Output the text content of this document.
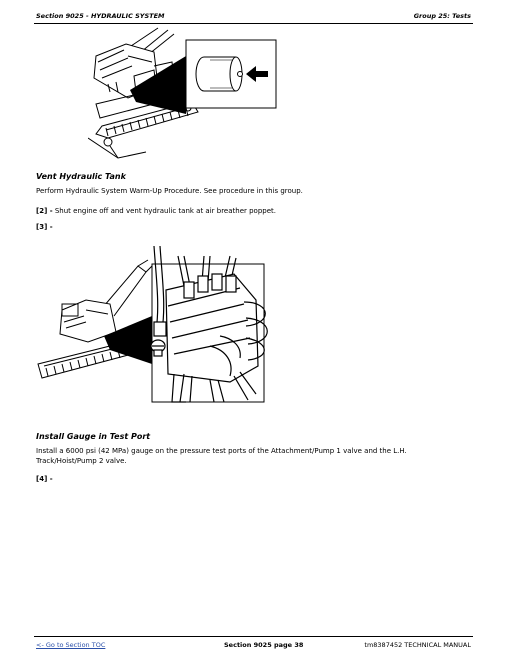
Section 9025 - HYDRAULIC SYSTEM	Group 25: Tests
Vent Hydraulic Tank
Perform Hydraulic System Warm-Up Procedure. See procedure in this group.
[2] - Shut engine off and vent hydraulic tank at air breather poppet.
[3] -
Install Gauge in Test Port
Install a 6000 psi (42 MPa) gauge on the pressure test ports of the Attachment/Pump 1 valve and the L.H. Track/Hoist/Pump 2 valve.
[4] -
<- Go to Section TOC	Section 9025 page 38	tm8387452 TECHNICAL MANUAL
